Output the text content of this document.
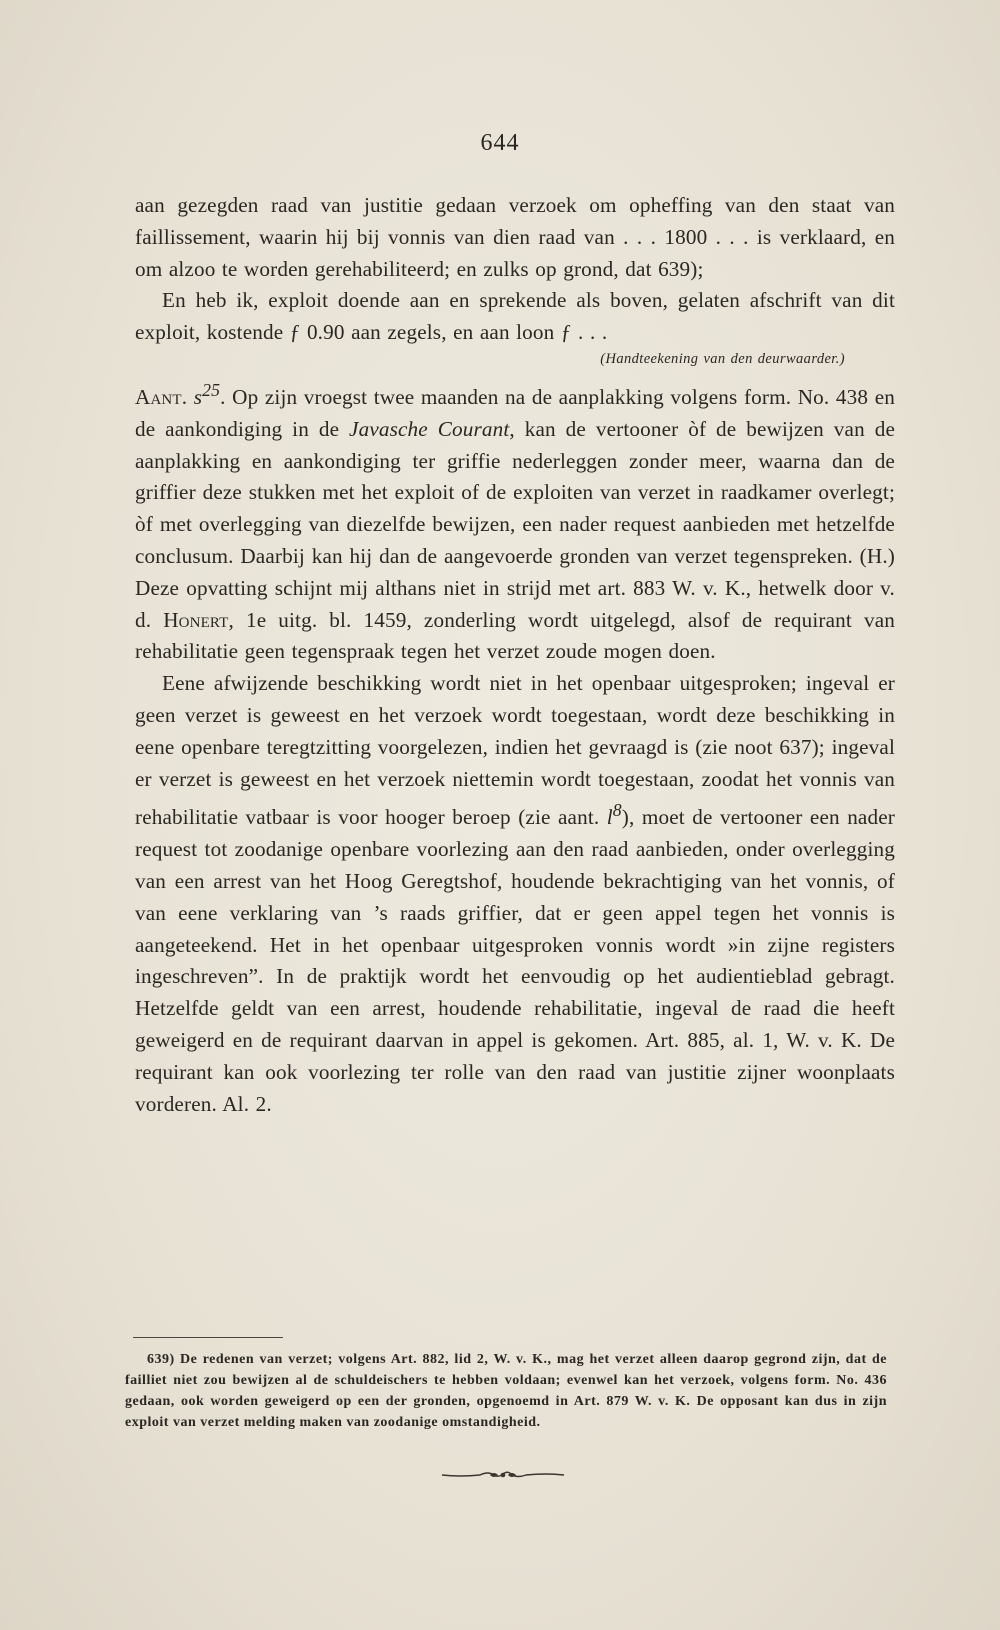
644

aan gezegden raad van justitie gedaan verzoek om opheffing van den staat van faillissement, waarin hij bij vonnis van dien raad van . . . 1800 . . . is verklaard, en om alzoo te worden gerehabiliteerd; en zulks op grond, dat 639);

En heb ik, exploit doende aan en sprekende als boven, gelaten afschrift van dit exploit, kostende ƒ 0.90 aan zegels, en aan loon ƒ . . .

(Handteekening van den deurwaarder.)

Aant. $s^{25}$. Op zijn vroegst twee maanden na de aanplakking volgens form. No. 438 en de aankondiging in de Javasche Courant, kan de vertooner òf de bewijzen van de aanplakking en aankondiging ter griffie nederleggen zonder meer, waarna dan de griffier deze stukken met het exploit of de exploiten van verzet in raadkamer overlegt; òf met overlegging van diezelfde bewijzen, een nader request aanbieden met hetzelfde conclusum. Daarbij kan hij dan de aangevoerde gronden van verzet tegenspreken. (H.) Deze opvatting schijnt mij althans niet in strijd met art. 883 W. v. K., hetwelk door v. d. Honert, 1e uitg. bl. 1459, zonderling wordt uitgelegd, alsof de requirant van rehabilitatie geen tegenspraak tegen het verzet zoude mogen doen.

Eene afwijzende beschikking wordt niet in het openbaar uitgesproken; ingeval er geen verzet is geweest en het verzoek wordt toegestaan, wordt deze beschikking in eene openbare teregtzitting voorgelezen, indien het gevraagd is (zie noot 637); ingeval er verzet is geweest en het verzoek niettemin wordt toegestaan, zoodat het vonnis van rehabilitatie vatbaar is voor hooger beroep (zie aant. $l^8$), moet de vertooner een nader request tot zoodanige openbare voorlezing aan den raad aanbieden, onder overlegging van een arrest van het Hoog Geregtshof, houdende bekrachtiging van het vonnis, of van eene verklaring van ’s raads griffier, dat er geen appel tegen het vonnis is aangeteekend. Het in het openbaar uitgesproken vonnis wordt »in zijne registers ingeschreven”. In de praktijk wordt het eenvoudig op het audientieblad gebragt. Hetzelfde geldt van een arrest, houdende rehabilitatie, ingeval de raad die heeft geweigerd en de requirant daarvan in appel is gekomen. Art. 885, al. 1, W. v. K. De requirant kan ook voorlezing ter rolle van den raad van justitie zijner woonplaats vorderen. Al. 2.

639) De redenen van verzet; volgens Art. 882, lid 2, W. v. K., mag het verzet alleen daarop gegrond zijn, dat de failliet niet zou bewijzen al de schuldeischers te hebben voldaan; evenwel kan het verzoek, volgens form. No. 436 gedaan, ook worden geweigerd op een der gronden, opgenoemd in Art. 879 W. v. K. De opposant kan dus in zijn exploit van verzet melding maken van zoodanige omstandigheid.
